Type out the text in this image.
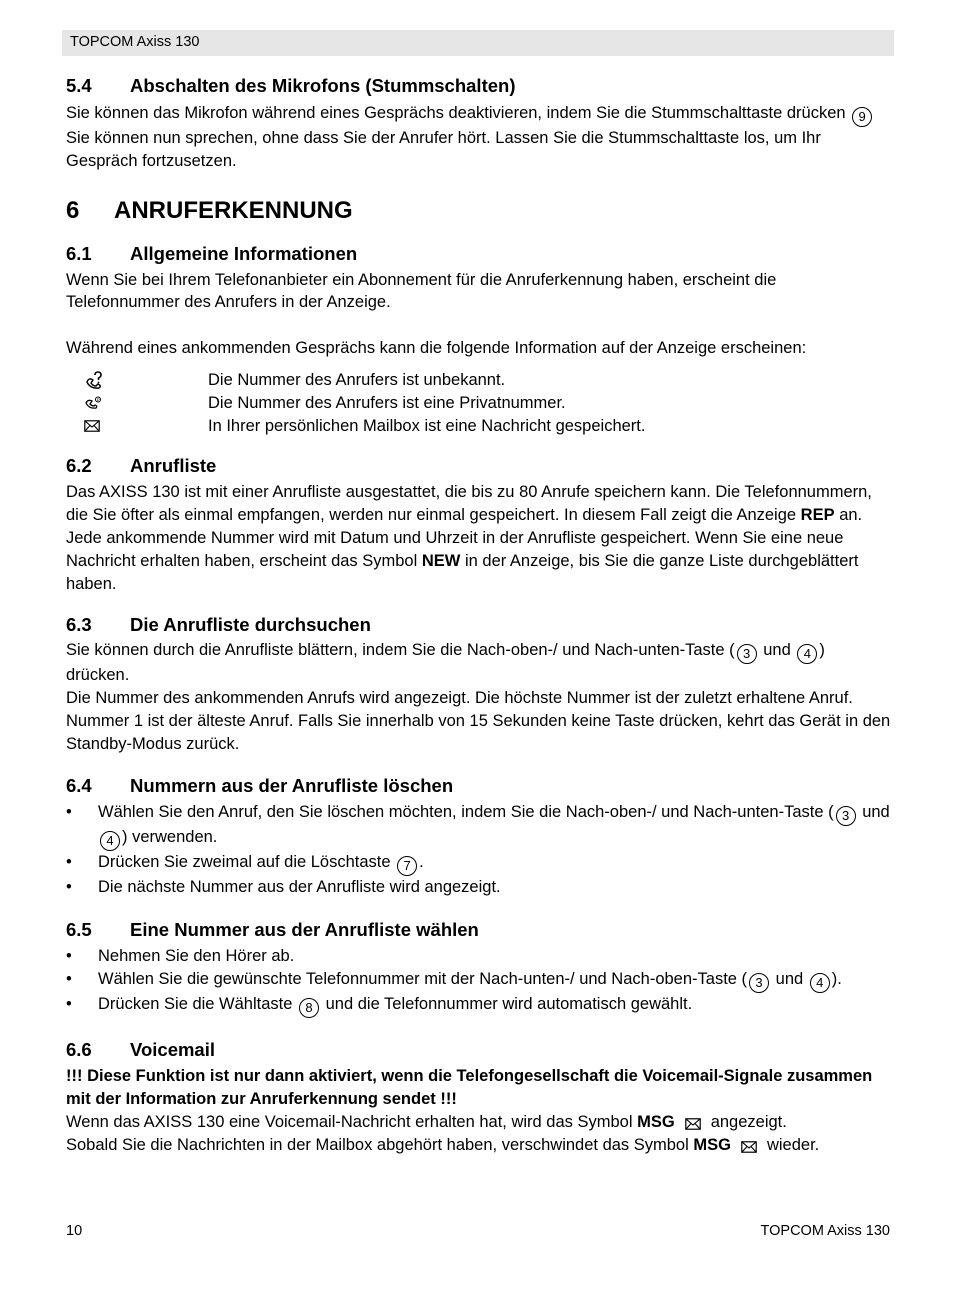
TOPCOM Axiss 130
5.4 Abschalten des Mikrofons (Stummschalten)

Sie können das Mikrofon während eines Gesprächs deaktivieren, indem Sie die Stummschalttaste drücken 9 Sie können nun sprechen, ohne dass Sie der Anrufer hört. Lassen Sie die Stummschalttaste los, um Ihr Gespräch fortzusetzen.

6 ANRUFERKENNUNG
6.1 Allgemeine Informationen

Wenn Sie bei Ihrem Telefonanbieter ein Abonnement für die Anruferkennung haben, erscheint die Telefonnummer des Anrufers in der Anzeige.

Während eines ankommenden Gesprächs kann die folgende Information auf der Anzeige erscheinen:

Die Nummer des Anrufers ist unbekannt.
P	Die Nummer des Anrufers ist eine Privatnummer.
In Ihrer persönlichen Mailbox ist eine Nachricht gespeichert.
6.2 Anrufliste

Das AXISS 130 ist mit einer Anrufliste ausgestattet, die bis zu 80 Anrufe speichern kann. Die Telefonnummern, die Sie öfter als einmal empfangen, werden nur einmal gespeichert. In diesem Fall zeigt die Anzeige REP an. Jede ankommende Nummer wird mit Datum und Uhrzeit in der Anrufliste gespeichert. Wenn Sie eine neue Nachricht erhalten haben, erscheint das Symbol NEW in der Anzeige, bis Sie die ganze Liste durchgeblättert haben.

6.3 Die Anrufliste durchsuchen

Sie können durch die Anrufliste blättern, indem Sie die Nach-oben-/ und Nach-unten-Taste ( 3 und 4 ) drücken.

Die Nummer des ankommenden Anrufs wird angezeigt. Die höchste Nummer ist der zuletzt erhaltene Anruf. Nummer 1 ist der älteste Anruf. Falls Sie innerhalb von 15 Sekunden keine Taste drücken, kehrt das Gerät in den Standby-Modus zurück.

6.4 Nummern aus der Anrufliste löschen
• Wählen Sie den Anruf, den Sie löschen möchten, indem Sie die Nach-oben-/ und Nach-unten-Taste ( 3 und 4 ) verwenden.
• Drücken Sie zweimal auf die Löschtaste 7 .
• Die nächste Nummer aus der Anrufliste wird angezeigt.
6.5 Eine Nummer aus der Anrufliste wählen
• Nehmen Sie den Hörer ab.
• Wählen Sie die gewünschte Telefonnummer mit der Nach-unten-/ und Nach-oben-Taste ( 3 und 4 ).
• Drücken Sie die Wähltaste 8 und die Telefonnummer wird automatisch gewählt.
6.6 Voicemail

!!! Diese Funktion ist nur dann aktiviert, wenn die Telefongesellschaft die Voicemail-Signale zusammen mit der Information zur Anruferkennung sendet !!!

Wenn das AXISS 130 eine Voicemail-Nachricht erhalten hat, wird das Symbol MSG angezeigt.
Sobald Sie die Nachrichten in der Mailbox abgehört haben, verschwindet das Symbol MSG wieder.

10	TOPCOM Axiss 130
